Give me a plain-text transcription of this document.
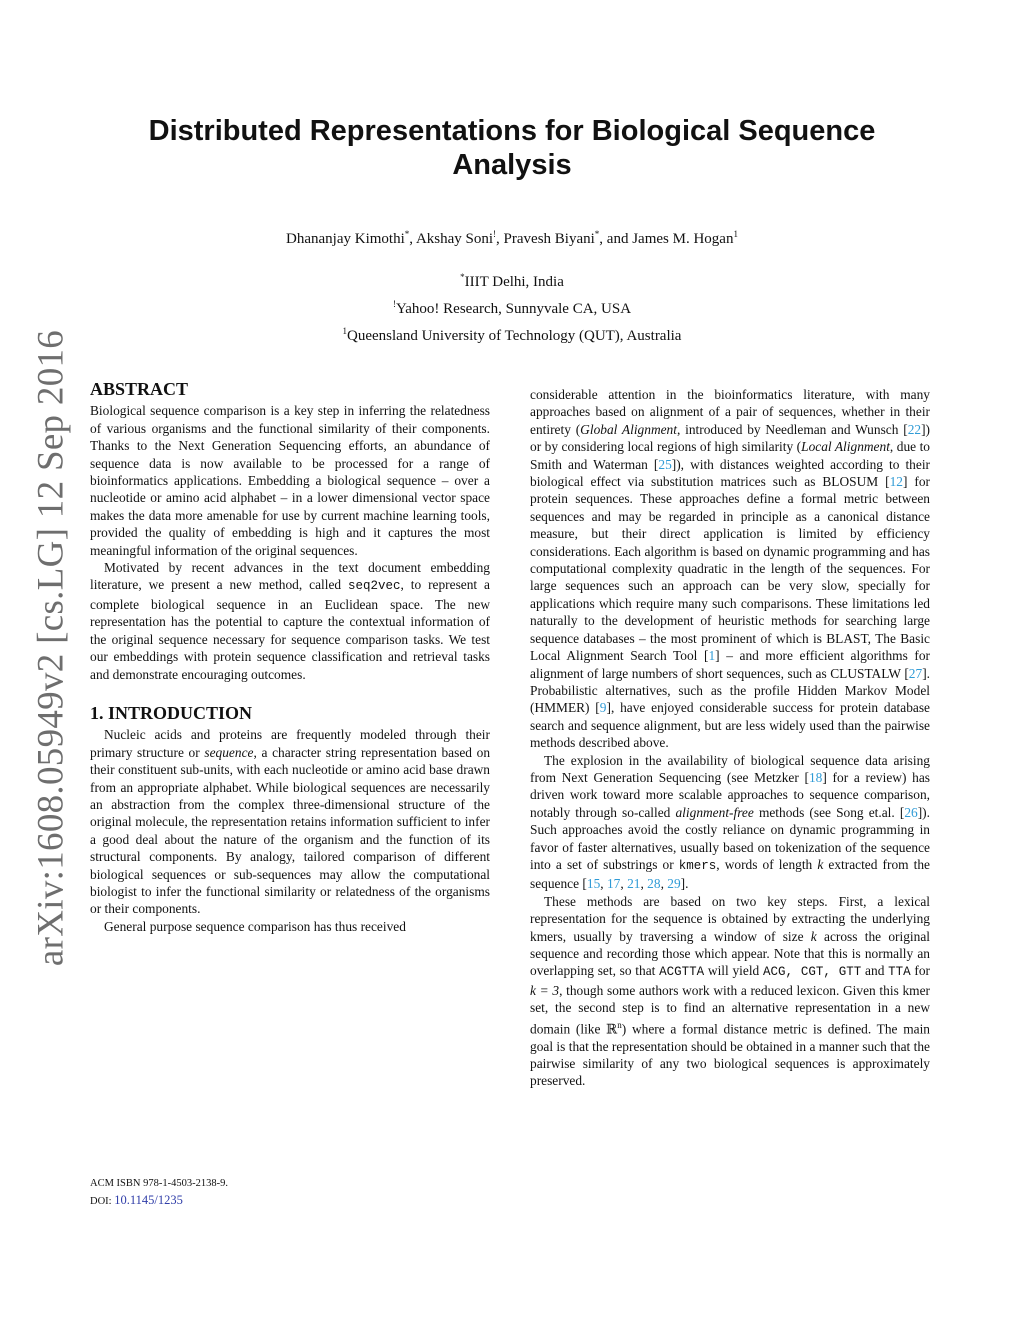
Distributed Representations for Biological Sequence Analysis
Dhananjay Kimothi*, Akshay Soni!, Pravesh Biyani*, and James M. Hogan$^1$
*IIIT Delhi, India
!Yahoo! Research, Sunnyvale CA, USA
$^1$Queensland University of Technology (QUT), Australia
arXiv:1608.05949v2 [cs.LG] 12 Sep 2016 ABSTRACT

Biological sequence comparison is a key step in inferring the relatedness of various organisms and the functional similarity of their components. Thanks to the Next Generation Sequencing efforts, an abundance of sequence data is now available to be processed for a range of bioinformatics applications. Embedding a biological sequence – over a nucleotide or amino acid alphabet – in a lower dimensional vector space makes the data more amenable for use by current machine learning tools, provided the quality of embedding is high and it captures the most meaningful information of the original sequences.

Motivated by recent advances in the text document embedding literature, we present a new method, called seq2vec, to represent a complete biological sequence in an Euclidean space. The new representation has the potential to capture the contextual information of the original sequence necessary for sequence comparison tasks. We test our embeddings with protein sequence classification and retrieval tasks and demonstrate encouraging outcomes.

1. INTRODUCTION

Nucleic acids and proteins are frequently modeled through their primary structure or sequence, a character string representation based on their constituent sub-units, with each nucleotide or amino acid base drawn from an appropriate alphabet. While biological sequences are necessarily an abstraction from the complex three-dimensional structure of the original molecule, the representation retains information sufficient to infer a good deal about the nature of the organism and the function of its structural components. By analogy, tailored comparison of different biological sequences or sub-sequences may allow the computational biologist to infer the functional similarity or relatedness of the organisms or their components.

General purpose sequence comparison has thus received

considerable attention in the bioinformatics literature, with many approaches based on alignment of a pair of sequences, whether in their entirety (Global Alignment, introduced by Needleman and Wunsch [22]) or by considering local regions of high similarity (Local Alignment, due to Smith and Waterman [25]), with distances weighted according to their biological effect via substitution matrices such as BLOSUM [12] for protein sequences. These approaches define a formal metric between sequences and may be regarded in principle as a canonical distance measure, but their direct application is limited by efficiency considerations. Each algorithm is based on dynamic programming and has computational complexity quadratic in the length of the sequences. For large sequences such an approach can be very slow, specially for applications which require many such comparisons. These limitations led naturally to the development of heuristic methods for searching large sequence databases – the most prominent of which is BLAST, The Basic Local Alignment Search Tool [1] – and more efficient algorithms for alignment of large numbers of short sequences, such as CLUSTALW [27]. Probabilistic alternatives, such as the profile Hidden Markov Model (HMMER) [9], have enjoyed considerable success for protein database search and sequence alignment, but are less widely used than the pairwise methods described above.

The explosion in the availability of biological sequence data arising from Next Generation Sequencing (see Metzker [18] for a review) has driven work toward more scalable approaches to sequence comparison, notably through so-called alignment-free methods (see Song et.al. [26]). Such approaches avoid the costly reliance on dynamic programming in favor of faster alternatives, usually based on tokenization of the sequence into a set of substrings or kmers, words of length k extracted from the sequence [15, 17, 21, 28, 29].

These methods are based on two key steps. First, a lexical representation for the sequence is obtained by extracting the underlying kmers, usually by traversing a window of size k across the original sequence and recording those which appear. Note that this is normally an overlapping set, so that ACGTTA will yield ACG, CGT, GTT and TTA for k = 3, though some authors work with a reduced lexicon. Given this kmer set, the second step is to find an alternative representation in a new domain (like ℝ$^n$) where a formal distance metric is defined. The main goal is that the representation should be obtained in a manner such that the pairwise similarity of any two biological sequences is approximately preserved.

ACM ISBN 978-1-4503-2138-9.
DOI: 10.1145/1235
